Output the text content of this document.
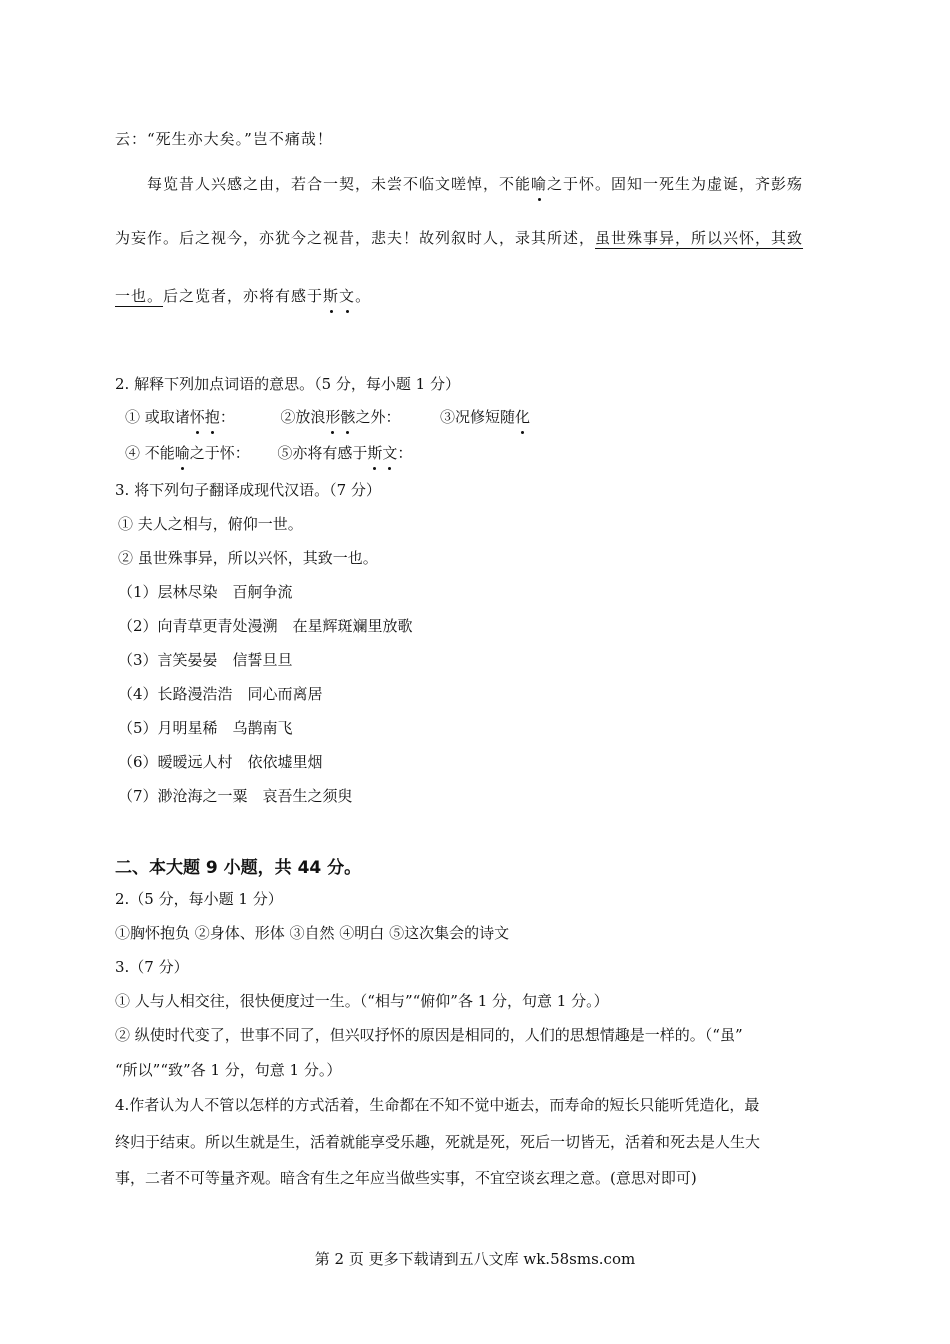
云：“死生亦大矣。”岂不痛哉！
每览昔人兴感之由，若合一契，未尝不临文嗟悼，不能喻之于怀。固知一死生为虚诞，齐彭殇
为妄作。后之视今，亦犹今之视昔，悲夫！故列叙时人，录其所述，虽世殊事异，所以兴怀，其致
一也。后之览者，亦将有感于斯文。
2. 解释下列加点词语的意思。（5 分，每小题 1 分）
① 或取诸怀抱：	②放浪形骸之外：	③况修短随化
④ 不能喻之于怀： ⑤亦将有感于斯文：
3. 将下列句子翻译成现代汉语。（7 分）
① 夫人之相与，俯仰一世。
② 虽世殊事异，所以兴怀，其致一也。
（1）层林尽染　百舸争流
（2）向青草更青处漫溯　在星辉斑斓里放歌
（3）言笑晏晏　信誓旦旦
（4）长路漫浩浩　同心而离居
（5）月明星稀　乌鹊南飞
（6）暧暧远人村　依依墟里烟
（7）渺沧海之一粟　哀吾生之须臾
二、本大题 9 小题，共 44 分。
2.（5 分，每小题 1 分）
①胸怀抱负 ②身体、形体 ③自然 ④明白 ⑤这次集会的诗文
3.（7 分）
① 人与人相交往，很快便度过一生。（“相与”“俯仰”各 1 分，句意 1 分。）
② 纵使时代变了，世事不同了，但兴叹抒怀的原因是相同的，人们的思想情趣是一样的。（“虽”
“所以”“致”各 1 分，句意 1 分。）
4.作者认为人不管以怎样的方式活着，生命都在不知不觉中逝去，而寿命的短长只能听凭造化，最
终归于结束。所以生就是生，活着就能享受乐趣，死就是死，死后一切皆无，活着和死去是人生大
事，二者不可等量齐观。暗含有生之年应当做些实事，不宜空谈玄理之意。(意思对即可)
第 2 页 更多下载请到五八文库 wk.58sms.com
